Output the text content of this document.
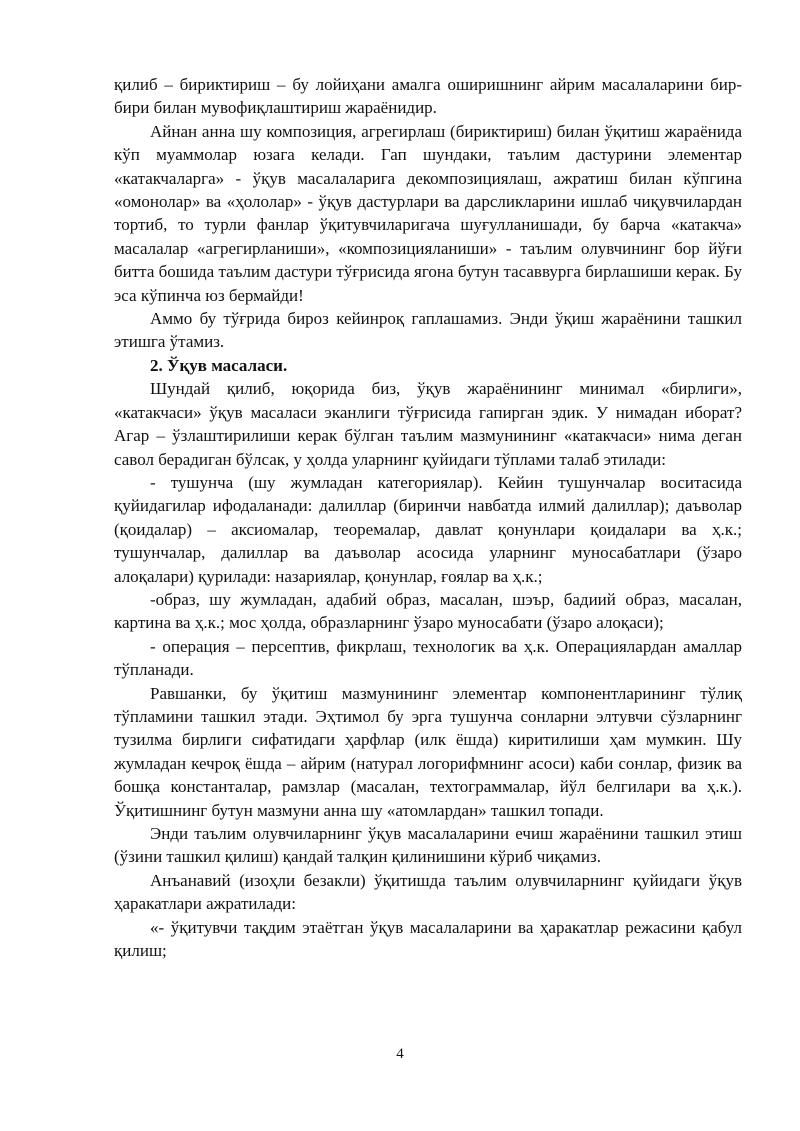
қилиб – бириктириш – бу лойиҳани амалга оширишнинг айрим масалаларини бир-бири билан мувофиқлаштириш жараёнидир.

Айнан анна шу композиция, агрегирлаш (бириктириш) билан ўқитиш жараёнида кўп муаммолар юзага келади. Гап шундаки, таълим дастурини элементар «катакчаларга» - ўқув масалаларига декомпозициялаш, ажратиш билан кўпгина «омонолар» ва «ҳололар» - ўқув дастурлари ва дарсликларини ишлаб чиқувчилардан тортиб, то турли фанлар ўқитувчиларигача шуғулланишади, бу барча «катакча» масалалар «агрегирланиши», «композицияланиши» - таълим олувчининг бор йўғи битта бошида таълим дастури тўғрисида ягона бутун тасаввурга бирлашиши керак. Бу эса кўпинча юз бермайди!

Аммо бу тўғрида бироз кейинроқ гаплашамиз. Энди ўқиш жараёнини ташкил этишга ўтамиз.

2. Ўқув масаласи.

Шундай қилиб, юқорида биз, ўқув жараёнининг минимал «бирлиги», «катакчаси» ўқув масаласи эканлиги тўғрисида гапирган эдик. У нимадан иборат? Агар – ўзлаштирилиши керак бўлган таълим мазмунининг «катакчаси» нима деган савол берадиган бўлсак, у ҳолда уларнинг қуйидаги тўплами талаб этилади:

- тушунча (шу жумладан категориялар). Кейин тушунчалар воситасида қуйидагилар ифодаланади: далиллар (биринчи навбатда илмий далиллар); даъволар (қоидалар) – аксиомалар, теоремалар, давлат қонунлари қоидалари ва ҳ.к.; тушунчалар, далиллар ва даъволар асосида уларнинг муносабатлари (ўзаро алоқалари) қурилади: назариялар, қонунлар, ғоялар ва ҳ.к.;

-образ, шу жумладан, адабий образ, масалан, шэър, бадиий образ, масалан, картина ва ҳ.к.; мос ҳолда, образларнинг ўзаро муносабати (ўзаро алоқаси);

- операция – персептив, фикрлаш, технологик ва ҳ.к. Операциялардан амаллар тўпланади.

Равшанки, бу ўқитиш мазмунининг элементар компонентларининг тўлиқ тўпламини ташкил этади. Эҳтимол бу эрга тушунча сонларни элтувчи сўзларнинг тузилма бирлиги сифатидаги ҳарфлар (илк ёшда) киритилиши ҳам мумкин. Шу жумладан кечроқ ёшда – айрим (натурал логорифмнинг асоси) каби сонлар, физик ва бошқа константалар, рамзлар (масалан, техтограммалар, йўл белгилари ва ҳ.к.). Ўқитишнинг бутун мазмуни анна шу «атомлардан» ташкил топади.

Энди таълим олувчиларнинг ўқув масалаларини ечиш жараёнини ташкил этиш (ўзини ташкил қилиш) қандай талқин қилинишини кўриб чиқамиз.

Анъанавий (изоҳли безакли) ўқитишда таълим олувчиларнинг қуйидаги ўқув ҳаракатлари ажратилади:

«- ўқитувчи тақдим этаётган ўқув масалаларини ва ҳаракатлар режасини қабул қилиш;

4
